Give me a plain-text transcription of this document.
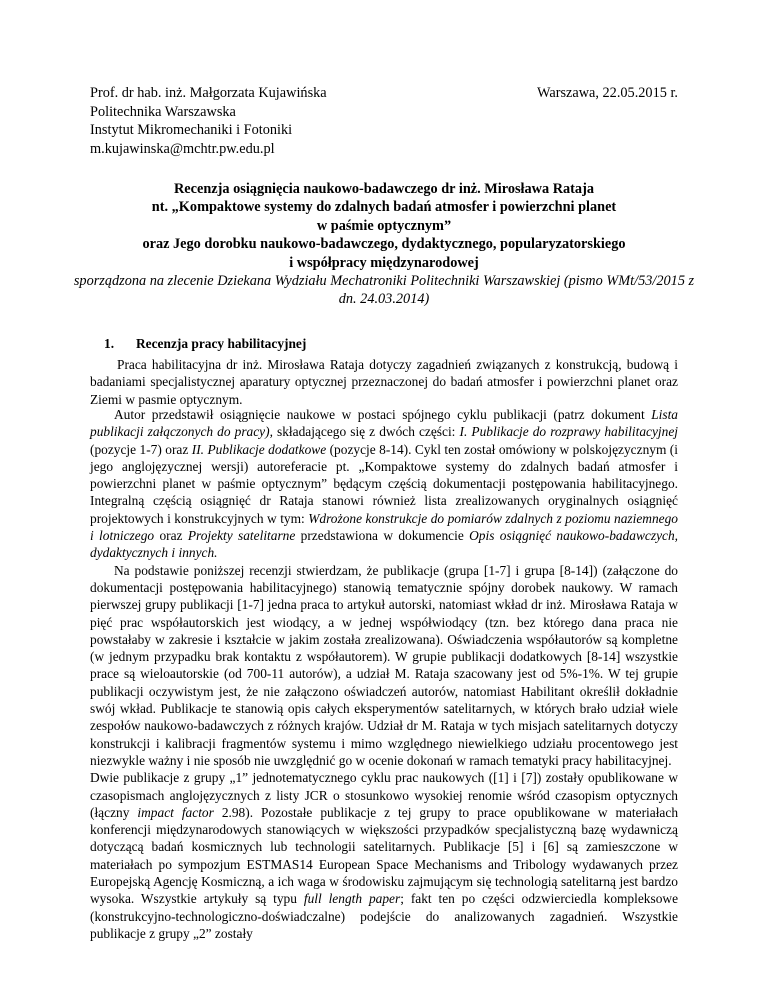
Prof. dr hab. inż. Małgorzata Kujawińska
Politechnika Warszawska
Instytut Mikromechaniki i Fotoniki
m.kujawinska@mchtr.pw.edu.pl
Warszawa, 22.05.2015 r.
Recenzja osiągnięcia naukowo-badawczego dr inż. Mirosława Rataja
nt. „Kompaktowe systemy do zdalnych badań atmosfer i powierzchni planet
w paśmie optycznym”
oraz Jego dorobku naukowo-badawczego, dydaktycznego, popularyzatorskiego
i współpracy międzynarodowej
sporządzona na zlecenie Dziekana Wydziału Mechatroniki Politechniki Warszawskiej (pismo WMt/53/2015 z dn. 24.03.2014)
1. Recenzja pracy habilitacyjnej

Praca habilitacyjna dr inż. Mirosława Rataja dotyczy zagadnień związanych z konstrukcją, budową i badaniami specjalistycznej aparatury optycznej przeznaczonej do badań atmosfer i powierzchni planet oraz Ziemi w pasmie optycznym.

Autor przedstawił osiągnięcie naukowe w postaci spójnego cyklu publikacji (patrz dokument Lista publikacji załączonych do pracy), składającego się z dwóch części: I. Publikacje do rozprawy habilitacyjnej (pozycje 1-7) oraz II. Publikacje dodatkowe (pozycje 8-14). Cykl ten został omówiony w polskojęzycznym (i jego anglojęzycznej wersji) autoreferacie pt. „Kompaktowe systemy do zdalnych badań atmosfer i powierzchni planet w paśmie optycznym” będącym częścią dokumentacji postępowania habilitacyjnego. Integralną częścią osiągnięć dr Rataja stanowi również lista zrealizowanych oryginalnych osiągnięć projektowych i konstrukcyjnych w tym: Wdrożone konstrukcje do pomiarów zdalnych z poziomu naziemnego i lotniczego oraz Projekty satelitarne przedstawiona w dokumencie Opis osiągnięć naukowo-badawczych, dydaktycznych i innych.

Na podstawie poniższej recenzji stwierdzam, że publikacje (grupa [1-7] i grupa [8-14]) (załączone do dokumentacji postępowania habilitacyjnego) stanowią tematycznie spójny dorobek naukowy. W ramach pierwszej grupy publikacji [1-7] jedna praca to artykuł autorski, natomiast wkład dr inż. Mirosława Rataja w pięć prac współautorskich jest wiodący, a w jednej współwiodący (tzn. bez którego dana praca nie powstałaby w zakresie i kształcie w jakim została zrealizowana). Oświadczenia współautorów są kompletne (w jednym przypadku brak kontaktu z współautorem). W grupie publikacji dodatkowych [8-14] wszystkie prace są wieloautorskie (od 700-11 autorów), a udział M. Rataja szacowany jest od 5%-1%. W tej grupie publikacji oczywistym jest, że nie załączono oświadczeń autorów, natomiast Habilitant określił dokładnie swój wkład. Publikacje te stanowią opis całych eksperymentów satelitarnych, w których brało udział wiele zespołów naukowo-badawczych z różnych krajów. Udział dr M. Rataja w tych misjach satelitarnych dotyczy konstrukcji i kalibracji fragmentów systemu i mimo względnego niewielkiego udziału procentowego jest niezwykle ważny i nie sposób nie uwzględnić go w ocenie dokonań w ramach tematyki pracy habilitacyjnej.

Dwie publikacje z grupy „1” jednotematycznego cyklu prac naukowych ([1] i [7]) zostały opublikowane w czasopismach anglojęzycznych z listy JCR o stosunkowo wysokiej renomie wśród czasopism optycznych (łączny impact factor 2.98). Pozostałe publikacje z tej grupy to prace opublikowane w materiałach konferencji międzynarodowych stanowiących w większości przypadków specjalistyczną bazę wydawniczą dotyczącą badań kosmicznych lub technologii satelitarnych. Publikacje [5] i [6] są zamieszczone w materiałach po sympozjum ESTMAS14 European Space Mechanisms and Tribology wydawanych przez Europejską Agencję Kosmiczną, a ich waga w środowisku zajmującym się technologią satelitarną jest bardzo wysoka. Wszystkie artykuły są typu full length paper; fakt ten po części odzwierciedla kompleksowe (konstrukcyjno-technologiczno-doświadczalne) podejście do analizowanych zagadnień. Wszystkie publikacje z grupy „2” zostały
